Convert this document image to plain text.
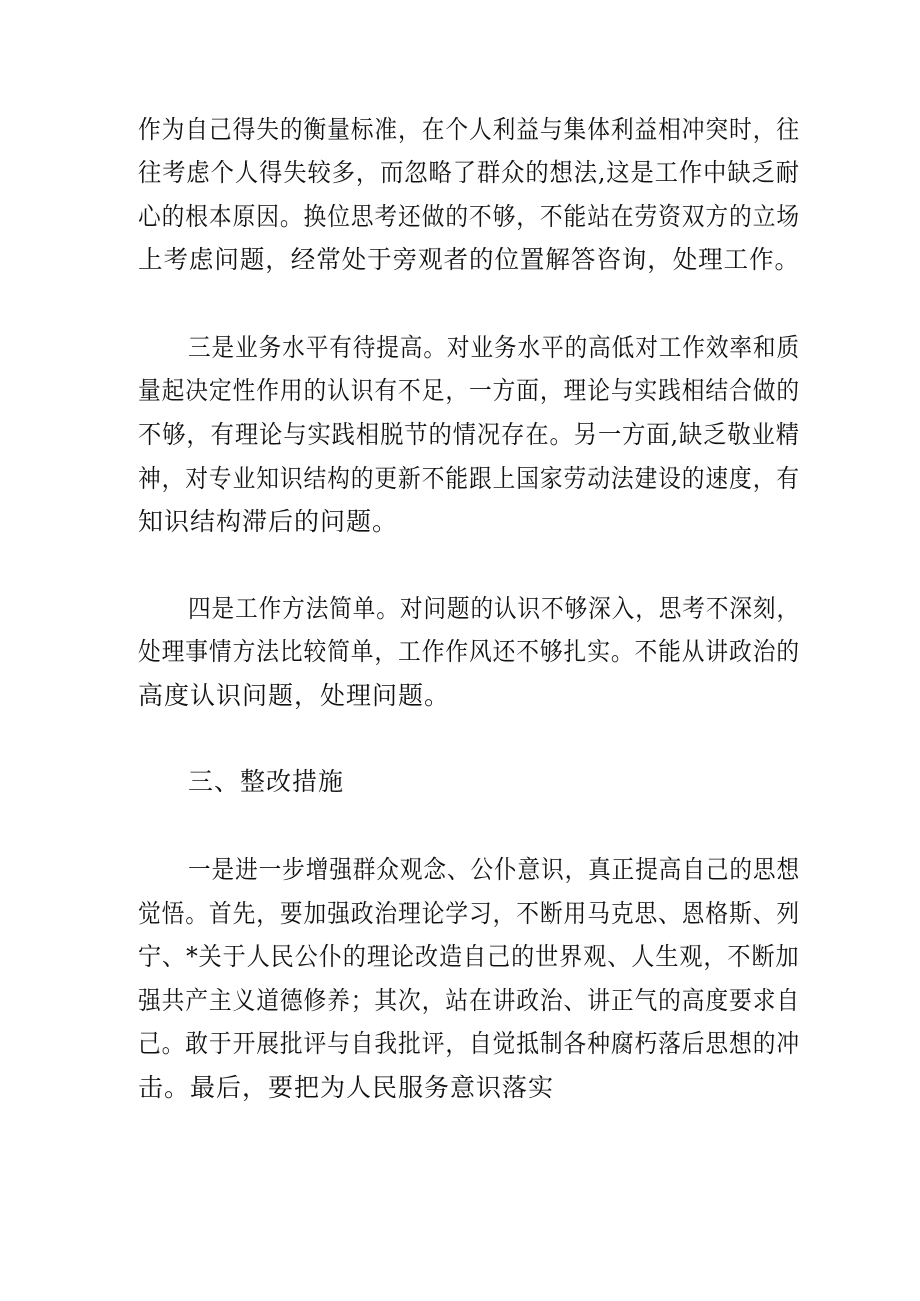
作为自己得失的衡量标准，在个人利益与集体利益相冲突时，往
往考虑个人得失较多，而忽略了群众的想法,这是工作中缺乏耐
心的根本原因。换位思考还做的不够，不能站在劳资双方的立场
上考虑问题，经常处于旁观者的位置解答咨询，处理工作。
三是业务水平有待提高。对业务水平的高低对工作效率和质
量起决定性作用的认识有不足，一方面，理论与实践相结合做的
不够，有理论与实践相脱节的情况存在。另一方面,缺乏敬业精
神，对专业知识结构的更新不能跟上国家劳动法建设的速度，有
知识结构滞后的问题。
四是工作方法简单。对问题的认识不够深入，思考不深刻，
处理事情方法比较简单，工作作风还不够扎实。不能从讲政治的
高度认识问题，处理问题。
三、整改措施
一是进一步增强群众观念、公仆意识，真正提高自己的思想
觉悟。首先，要加强政治理论学习，不断用马克思、恩格斯、列
宁、*关于人民公仆的理论改造自己的世界观、人生观，不断加
强共产主义道德修养；其次，站在讲政治、讲正气的高度要求自
己。敢于开展批评与自我批评，自觉抵制各种腐朽落后思想的冲
击。最后，要把为人民服务意识落实
